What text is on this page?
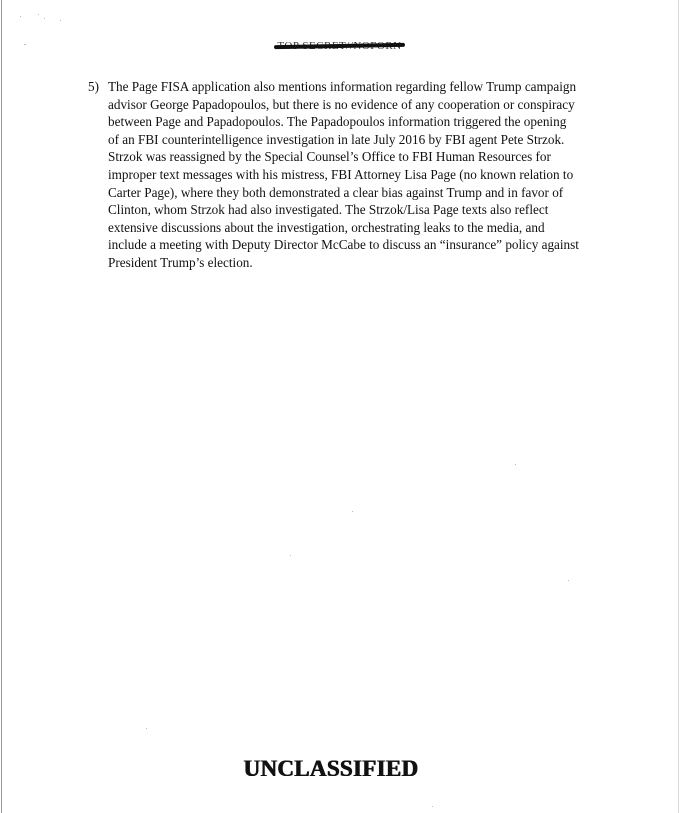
5) The Page FISA application also mentions information regarding fellow Trump campaign
advisor George Papadopoulos, but there is no evidence of any cooperation or conspiracy
between Page and Papadopoulos. The Papadopoulos information triggered the opening
of an FBI counterintelligence investigation in late July 2016 by FBI agent Pete Strzok.
Strzok was reassigned by the Special Counsel’s Office to FBI Human Resources for
improper text messages with his mistress, FBI Attorney Lisa Page (no known relation to
Carter Page), where they both demonstrated a clear bias against Trump and in favor of
Clinton, whom Strzok had also investigated. The Strzok/Lisa Page texts also reflect
extensive discussions about the investigation, orchestrating leaks to the media, and
include a meeting with Deputy Director McCabe to discuss an “insurance” policy against
President Trump’s election.
UNCLASSIFIED
